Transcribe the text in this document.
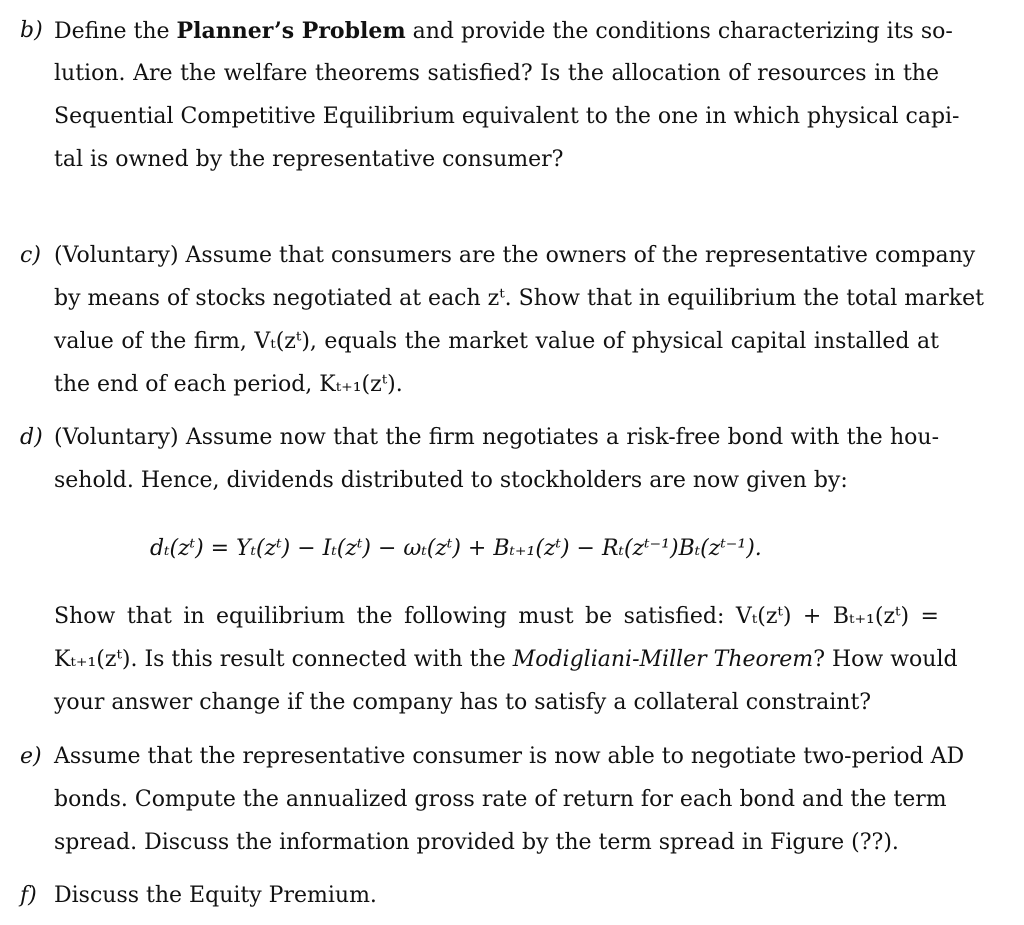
b) Define the Planner’s Problem and provide the conditions characterizing its so-
lution. Are the welfare theorems satisfied? Is the allocation of resources in the
Sequential Competitive Equilibrium equivalent to the one in which physical capi-
tal is owned by the representative consumer?
c) (Voluntary) Assume that consumers are the owners of the representative company
by means of stocks negotiated at each zᵗ. Show that in equilibrium the total market
value of the firm, Vₜ(zᵗ), equals the market value of physical capital installed at
the end of each period, Kₜ₊₁(zᵗ).
d) (Voluntary) Assume now that the firm negotiates a risk-free bond with the hou-
sehold. Hence, dividends distributed to stockholders are now given by:
dₜ(zᵗ) = Yₜ(zᵗ) − Iₜ(zᵗ) − ωₜ(zᵗ) + Bₜ₊₁(zᵗ) − Rₜ(zᵗ⁻¹)Bₜ(zᵗ⁻¹).
Show that in equilibrium the following must be satisfied: Vₜ(zᵗ) + Bₜ₊₁(zᵗ) =
Kₜ₊₁(zᵗ). Is this result connected with the Modigliani-Miller Theorem? How would
your answer change if the company has to satisfy a collateral constraint?
e) Assume that the representative consumer is now able to negotiate two-period AD
bonds. Compute the annualized gross rate of return for each bond and the term
spread. Discuss the information provided by the term spread in Figure (??).
f) Discuss the Equity Premium.
